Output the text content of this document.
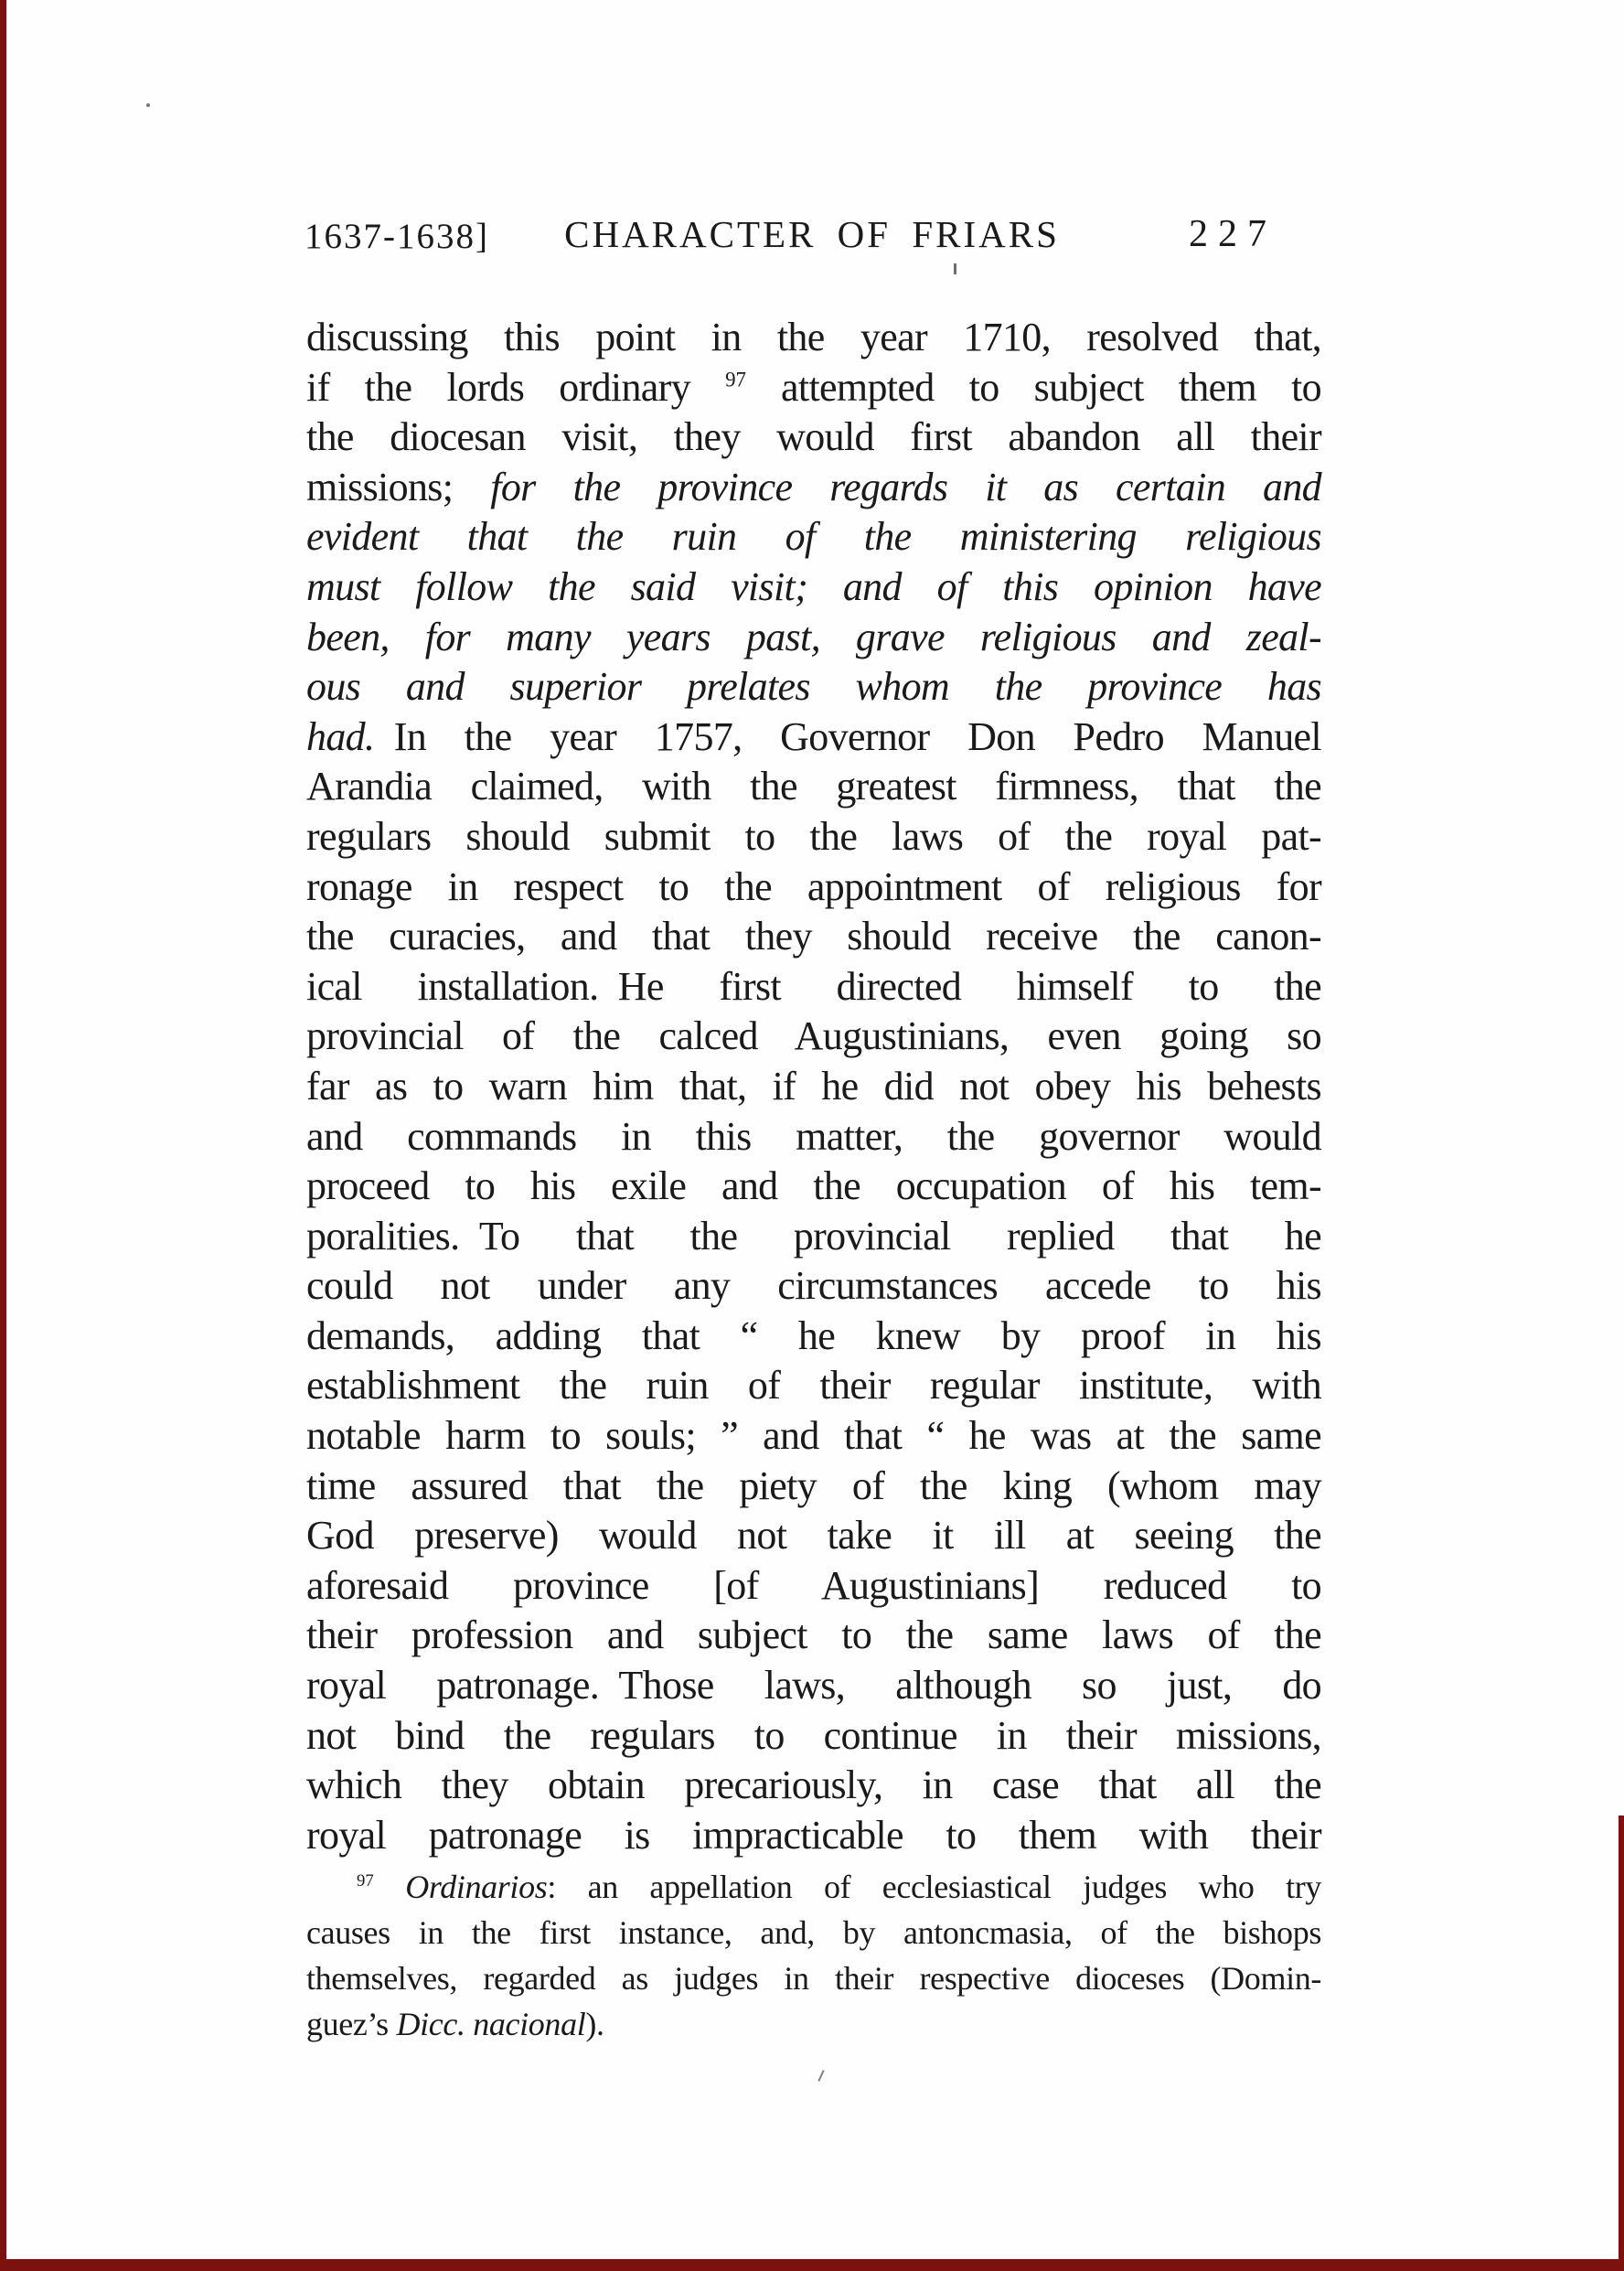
1637-1638]	CHARACTER OF FRIARS	227
discussing this point in the year 1710, resolved that,
if the lords ordinary $^{97}$ attempted to subject them to
the diocesan visit, they would first abandon all their
missions; for the province regards it as certain and
evident that the ruin of the ministering religious
must follow the said visit; and of this opinion have
been, for many years past, grave religious and zeal-
ous and superior prelates whom the province has
had. In the year 1757, Governor Don Pedro Manuel
Arandia claimed, with the greatest firmness, that the
regulars should submit to the laws of the royal pat-
ronage in respect to the appointment of religious for
the curacies, and that they should receive the canon-
ical installation. He first directed himself to the
provincial of the calced Augustinians, even going so
far as to warn him that, if he did not obey his behests
and commands in this matter, the governor would
proceed to his exile and the occupation of his tem-
poralities. To that the provincial replied that he
could not under any circumstances accede to his
demands, adding that “ he knew by proof in his
establishment the ruin of their regular institute, with
notable harm to souls; ” and that “ he was at the same
time assured that the piety of the king (whom may
God preserve) would not take it ill at seeing the
aforesaid province [of Augustinians] reduced to
their profession and subject to the same laws of the
royal patronage. Those laws, although so just, do
not bind the regulars to continue in their missions,
which they obtain precariously, in case that all the
royal patronage is impracticable to them with their
$^{97}$ Ordinarios: an appellation of ecclesiastical judges who try
causes in the first instance, and, by antoncmasia, of the bishops
themselves, regarded as judges in their respective dioceses (Domin-
guez’s Dicc. nacional).
